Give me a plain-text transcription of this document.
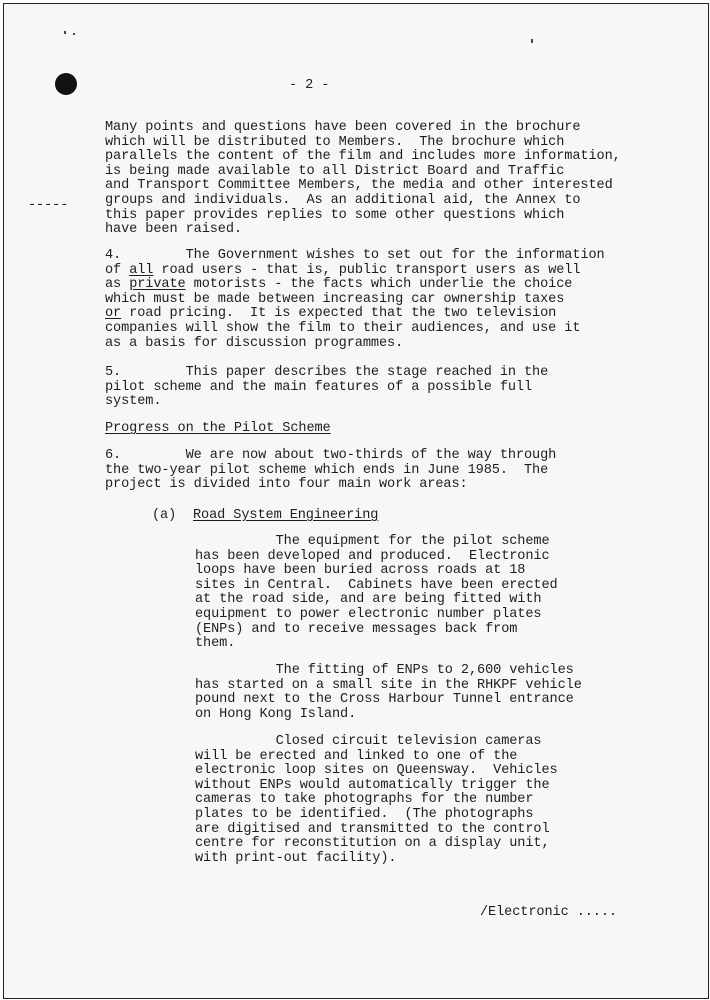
- 2 -

-----

Many points and questions have been covered in the brochure

which will be distributed to Members.  The brochure which

parallels the content of the film and includes more information,

is being made available to all District Board and Traffic

and Transport Committee Members, the media and other interested

groups and individuals.  As an additional aid, the Annex to

this paper provides replies to some other questions which

have been raised.

4.        The Government wishes to set out for the information

of all road users - that is, public transport users as well

as private motorists - the facts which underlie the choice

which must be made between increasing car ownership taxes

or road pricing.  It is expected that the two television

companies will show the film to their audiences, and use it

as a basis for discussion programmes.

5.        This paper describes the stage reached in the

pilot scheme and the main features of a possible full

system.

Progress on the Pilot Scheme

6.        We are now about two-thirds of the way through

the two-year pilot scheme which ends in June 1985.  The

project is divided into four main work areas:

(a) Road System Engineering

The equipment for the pilot scheme

has been developed and produced.  Electronic

loops have been buried across roads at 18

sites in Central.  Cabinets have been erected

at the road side, and are being fitted with

equipment to power electronic number plates

(ENPs) and to receive messages back from

them.

The fitting of ENPs to 2,600 vehicles

has started on a small site in the RHKPF vehicle

pound next to the Cross Harbour Tunnel entrance

on Hong Kong Island.

Closed circuit television cameras

will be erected and linked to one of the

electronic loop sites on Queensway.  Vehicles

without ENPs would automatically trigger the

cameras to take photographs for the number

plates to be identified.  (The photographs

are digitised and transmitted to the control

centre for reconstitution on a display unit,

with print-out facility).

/Electronic .....
